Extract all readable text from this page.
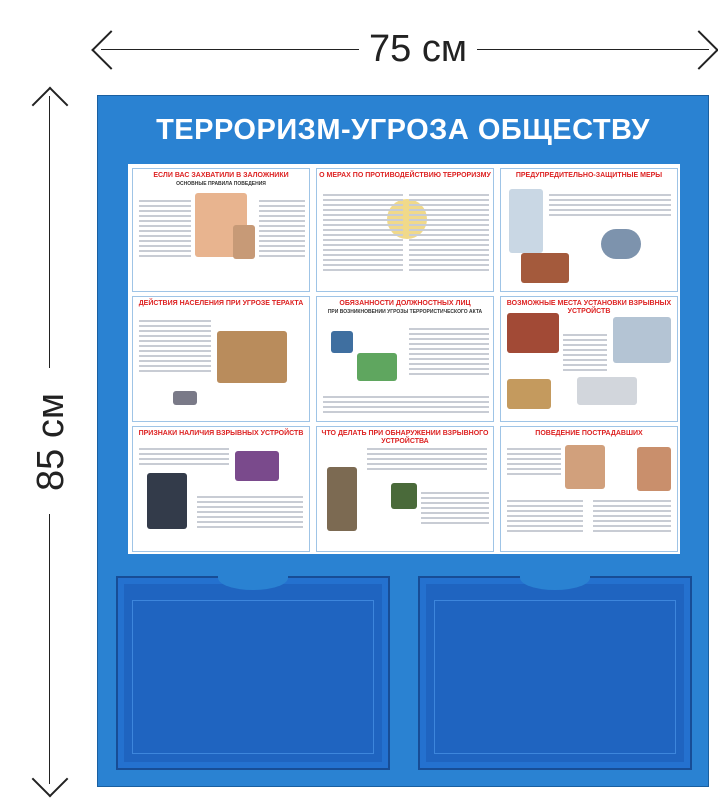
75 см
85 см
ТЕРРОРИЗМ-УГРОЗА ОБЩЕСТВУ
ЕСЛИ ВАС ЗАХВАТИЛИ В ЗАЛОЖНИКИ
ОСНОВНЫЕ ПРАВИЛА ПОВЕДЕНИЯ
О МЕРАХ ПО ПРОТИВОДЕЙСТВИЮ ТЕРРОРИЗМУ	ПРЕДУПРЕДИТЕЛЬНО-ЗАЩИТНЫЕ МЕРЫ
ДЕЙСТВИЯ НАСЕЛЕНИЯ ПРИ УГРОЗЕ ТЕРАКТА	ОБЯЗАННОСТИ ДОЛЖНОСТНЫХ ЛИЦ
ПРИ ВОЗНИКНОВЕНИИ УГРОЗЫ ТЕРРОРИСТИЧЕСКОГО АКТА
ВОЗМОЖНЫЕ МЕСТА УСТАНОВКИ ВЗРЫВНЫХ УСТРОЙСТВ
ПРИЗНАКИ НАЛИЧИЯ ВЗРЫВНЫХ УСТРОЙСТВ	ЧТО ДЕЛАТЬ ПРИ ОБНАРУЖЕНИИ ВЗРЫВНОГО УСТРОЙСТВА
ПОВЕДЕНИЕ ПОСТРАДАВШИХ
